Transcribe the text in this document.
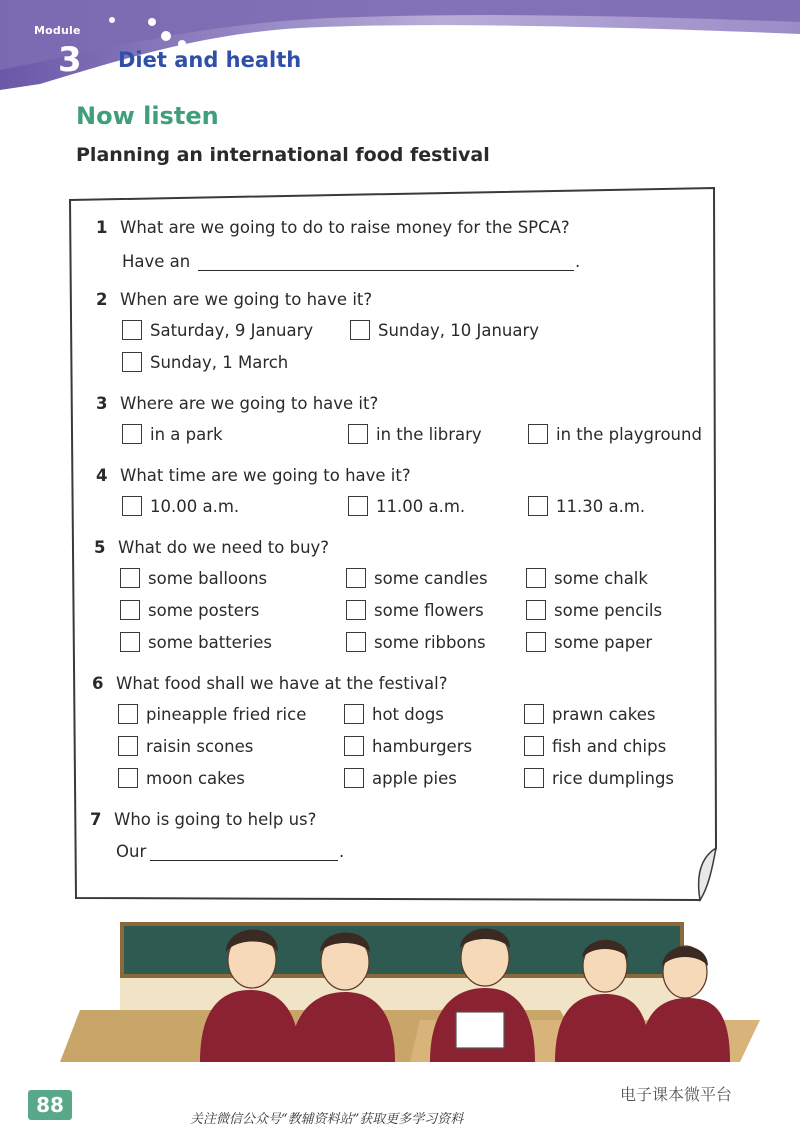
Module
3 Diet and health
Now listen
Planning an international food festival
1 What are we going to do to raise money for the SPCA?
Have an	.
2 When are we going to have it?
Saturday, 9 January	Sunday, 10 January
Sunday, 1 March
3 Where are we going to have it?
in a park	in the library	in the playground
4 What time are we going to have it?
10.00 a.m.	11.00 a.m.	11.30 a.m.
5 What do we need to buy?
some balloons	some candles	some chalk
some posters	some flowers	some pencils
some batteries	some ribbons	some paper
6 What food shall we have at the festival?
pineapple fried rice	hot dogs	prawn cakes
raisin scones	hamburgers	fish and chips
moon cakes	apple pies	rice dumplings
7 Who is going to help us?
Our	.
88	电子课本微平台
关注微信公众号“教辅资料站”获取更多学习资料
